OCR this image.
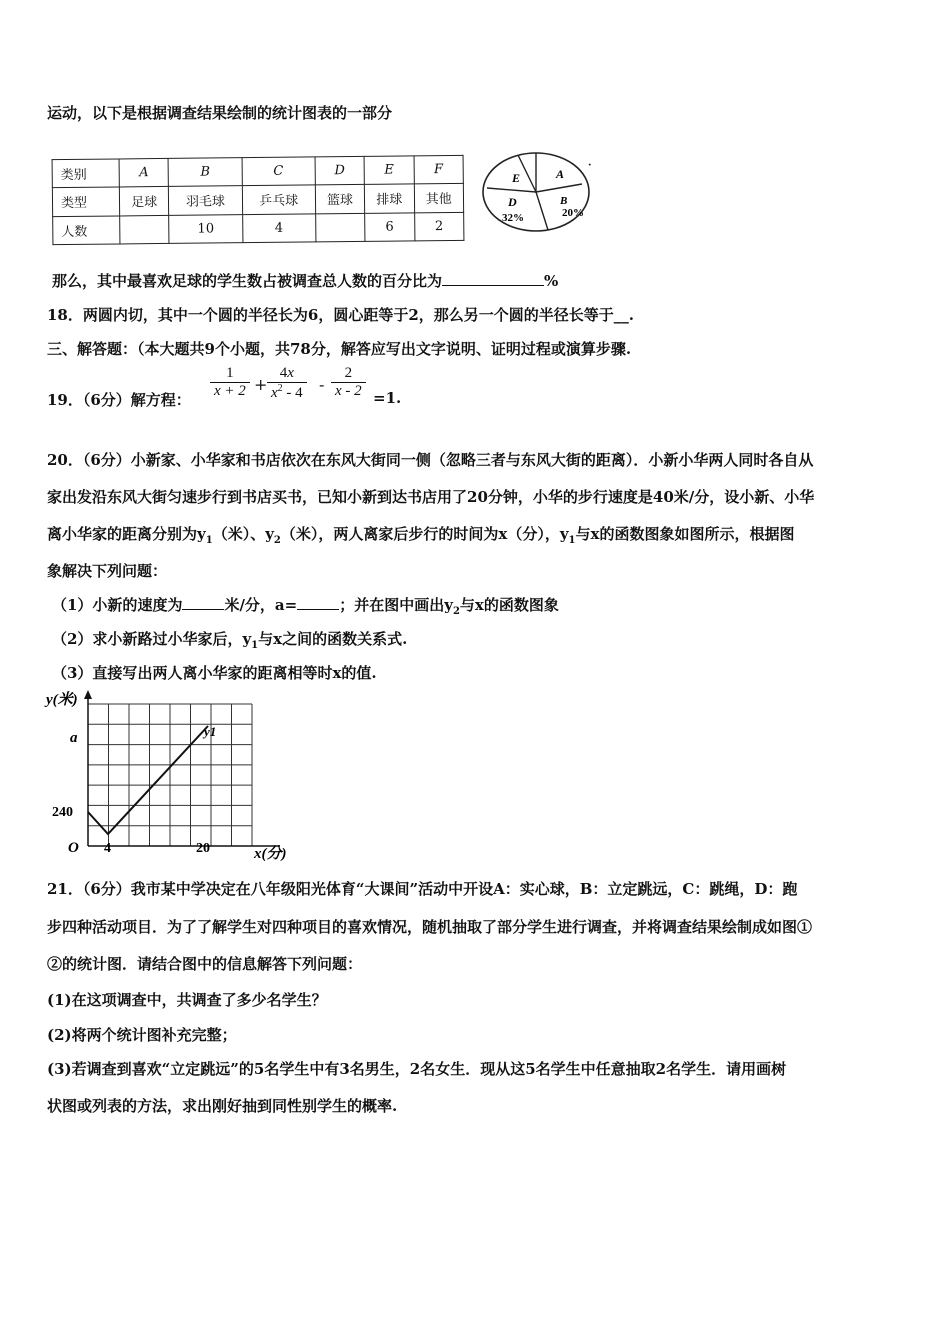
运动，以下是根据调查结果绘制的统计图表的一部分
类别	A	B	C	D	E	F
类型	足球	羽毛球	乒乓球	篮球	排球	其他
人数		10	4		6	2
E	A
D	B
32%	20%
·
那么，其中最喜欢足球的学生数占被调查总人数的百分比为	%
18．两圆内切，其中一个圆的半径长为6，圆心距等于2，那么另一个圆的半径长等于__.
三、解答题：（本大题共9个小题，共78分，解答应写出文字说明、证明过程或演算步骤.
19．（6分）解方程： $\frac{1}{x + 2} + \frac{4x}{x^2 - 4} - \frac{2}{x - 2} =1$.
20．（6分）小新家、小华家和书店依次在东风大街同一侧（忽略三者与东风大街的距离）．小新小华两人同时各自从
家出发沿东风大街匀速步行到书店买书，已知小新到达书店用了20分钟，小华的步行速度是40米/分，设小新、小华
离小华家的距离分别为$y_1$（米）、$y_2$（米），两人离家后步行的时间为x（分），$y_1$与x的函数图象如图所示，根据图
象解决下列问题：
（1）小新的速度为	米/分，a=	；并在图中画出$y_2$与x的函数图象
（2）求小新路过小华家后，$y_1$与x之间的函数关系式.
（3）直接写出两人离小华家的距离相等时x的值.
y(米)
a
240
O 4	20	x(分)
y1
21．（6分）我市某中学决定在八年级阳光体育“大课间”活动中开设A：实心球，B：立定跳远，C：跳绳，D：跑
步四种活动项目．为了了解学生对四种项目的喜欢情况，随机抽取了部分学生进行调查，并将调查结果绘制成如图①
②的统计图．请结合图中的信息解答下列问题：
(1)在这项调查中，共调查了多少名学生？
(2)将两个统计图补充完整；
(3)若调查到喜欢“立定跳远”的5名学生中有3名男生，2名女生．现从这5名学生中任意抽取2名学生．请用画树
状图或列表的方法，求出刚好抽到同性别学生的概率.
